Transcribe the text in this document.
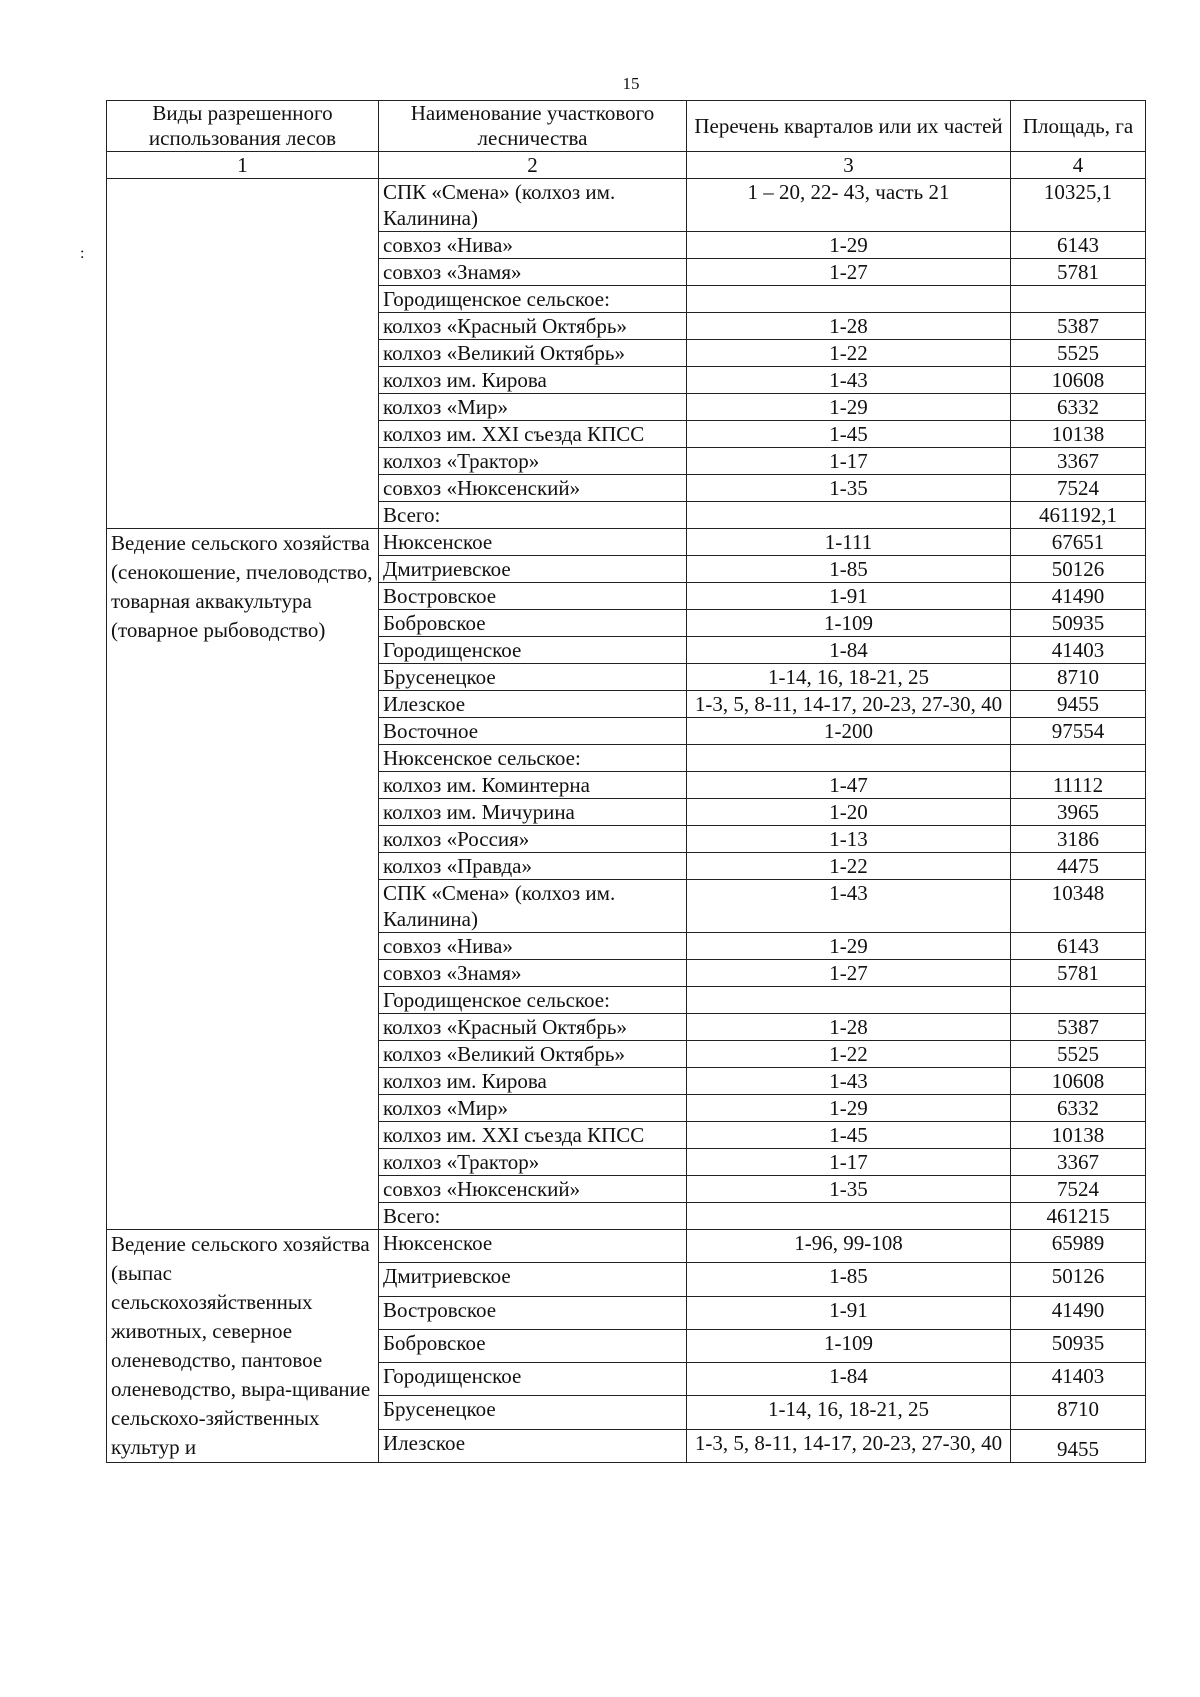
15
:
Виды разрешенного использования лесов	Наименование участкового лесничества	Перечень кварталов или их частей	Площадь, га
1	2	3	4
	СПК «Смена» (колхоз им. Калинина)	1 – 20, 22- 43, часть 21	10325,1
	совхоз «Нива»	1-29	6143
	совхоз «Знамя»	1-27	5781
	Городищенское сельское:		
	колхоз «Красный Октябрь»	1-28	5387
	колхоз «Великий Октябрь»	1-22	5525
	колхоз им. Кирова	1-43	10608
	колхоз «Мир»	1-29	6332
	колхоз им. XXI съезда КПСС	1-45	10138
	колхоз «Трактор»	1-17	3367
	совхоз «Нюксенский»	1-35	7524
	Всего:		461192,1
Ведение сельского хозяйства (сенокошение, пчеловодство, товарная аквакультура (товарное рыбоводство)	Нюксенское	1-111	67651
	Дмитриевское	1-85	50126
	Востровское	1-91	41490
	Бобровское	1-109	50935
	Городищенское	1-84	41403
	Брусенецкое	1-14, 16, 18-21, 25	8710
	Илезское	1-3, 5, 8-11, 14-17, 20-23, 27-30, 40	9455
	Восточное	1-200	97554
	Нюксенское сельское:		
	колхоз им. Коминтерна	1-47	11112
	колхоз им. Мичурина	1-20	3965
	колхоз «Россия»	1-13	3186
	колхоз «Правда»	1-22	4475
	СПК «Смена» (колхоз им. Калинина)	1-43	10348
	совхоз «Нива»	1-29	6143
	совхоз «Знамя»	1-27	5781
	Городищенское сельское:		
	колхоз «Красный Октябрь»	1-28	5387
	колхоз «Великий Октябрь»	1-22	5525
	колхоз им. Кирова	1-43	10608
	колхоз «Мир»	1-29	6332
	колхоз им. XXI съезда КПСС	1-45	10138
	колхоз «Трактор»	1-17	3367
	совхоз «Нюксенский»	1-35	7524
	Всего:		461215
Ведение сельского хозяйства (выпас сельскохозяйственных животных, северное оленеводство, пантовое оленеводство, выра-щивание сельскохо-зяйственных культур и	Нюксенское	1-96, 99-108	65989
	Дмитриевское	1-85	50126
	Востровское	1-91	41490
	Бобровское	1-109	50935
	Городищенское	1-84	41403
	Брусенецкое	1-14, 16, 18-21, 25	8710
	Илезское	1-3, 5, 8-11, 14-17, 20-23, 27-30, 40	9455
